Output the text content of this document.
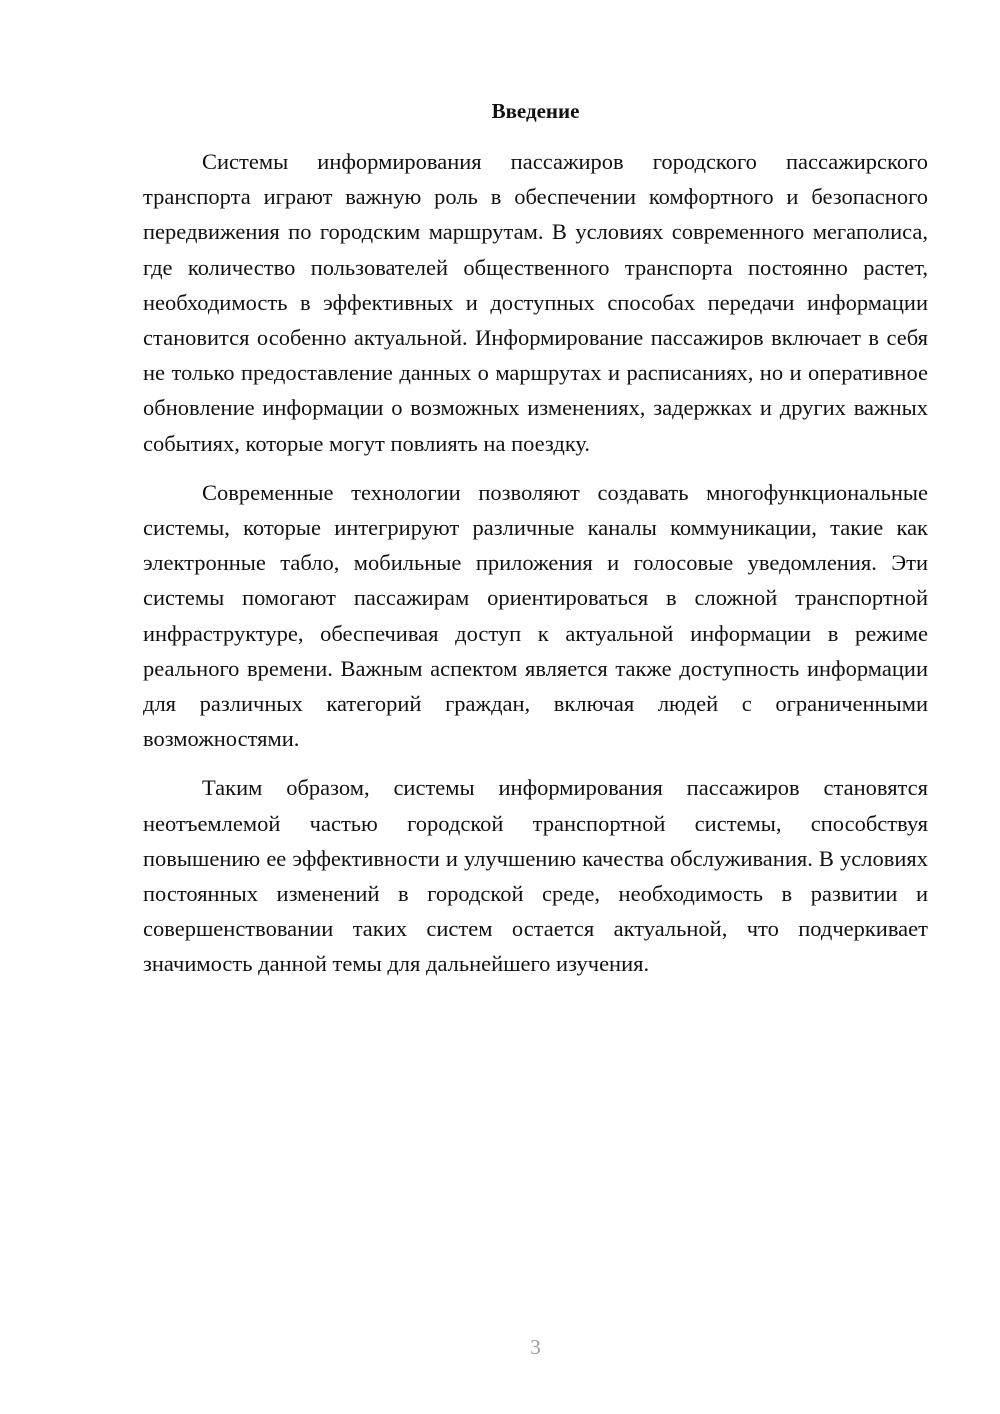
Введение

Системы информирования пассажиров городского пассажирского транспорта играют важную роль в обеспечении комфортного и безопасного передвижения по городским маршрутам. В условиях современного мегаполиса, где количество пользователей общественного транспорта постоянно растет, необходимость в эффективных и доступных способах передачи информации становится особенно актуальной. Информирование пассажиров включает в себя не только предоставление данных о маршрутах и расписаниях, но и оперативное обновление информации о возможных изменениях, задержках и других важных событиях, которые могут повлиять на поездку.

Современные технологии позволяют создавать многофункциональные системы, которые интегрируют различные каналы коммуникации, такие как электронные табло, мобильные приложения и голосовые уведомления. Эти системы помогают пассажирам ориентироваться в сложной транспортной инфраструктуре, обеспечивая доступ к актуальной информации в режиме реального времени. Важным аспектом является также доступность информации для различных категорий граждан, включая людей с ограниченными возможностями.

Таким образом, системы информирования пассажиров становятся неотъемлемой частью городской транспортной системы, способствуя повышению ее эффективности и улучшению качества обслуживания. В условиях постоянных изменений в городской среде, необходимость в развитии и совершенствовании таких систем остается актуальной, что подчеркивает значимость данной темы для дальнейшего изучения.

3
